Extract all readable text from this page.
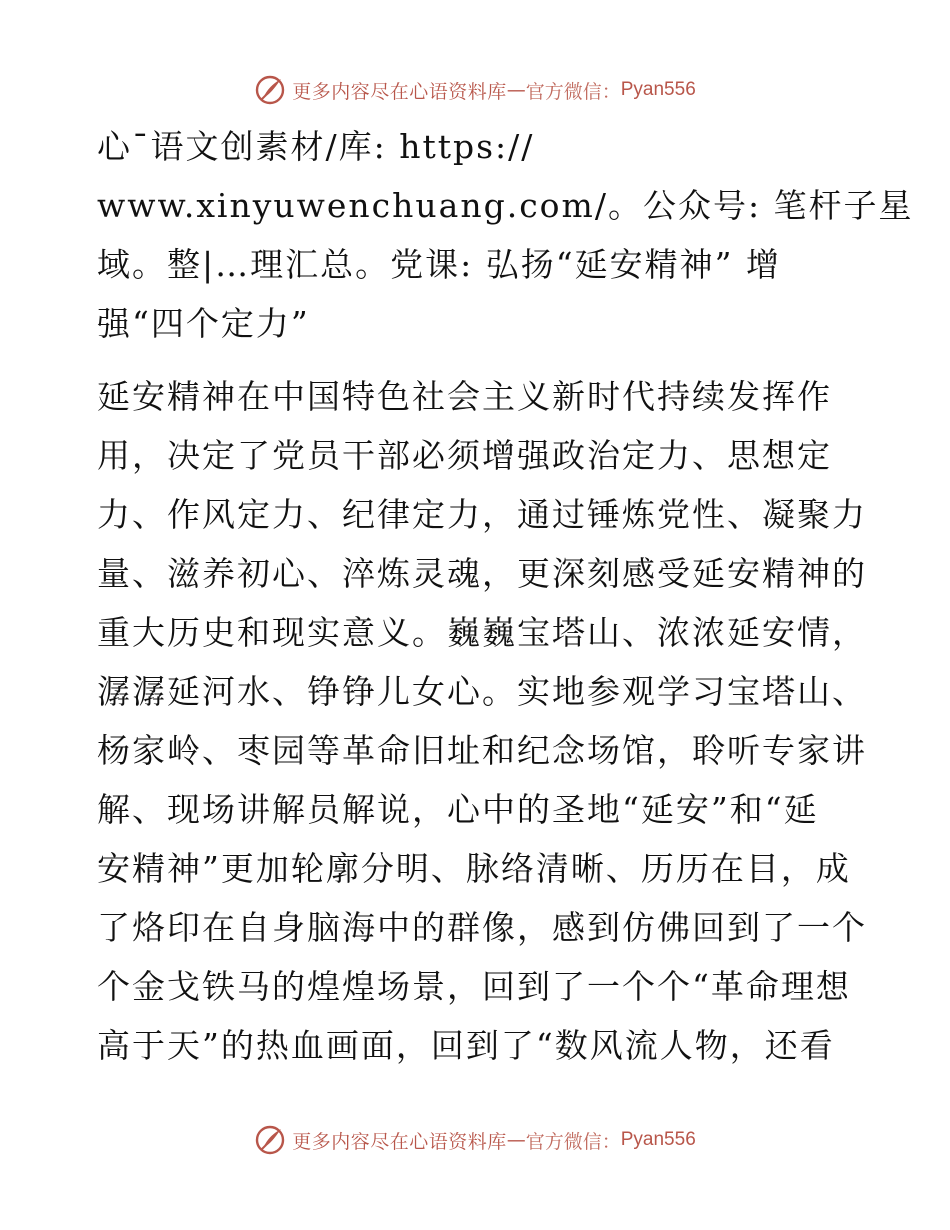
更多内容尽在心语资料库 — 官方微信： Pyan556
心¯语文创素材/库: https://
www.xinyuwenchuang.com/。公众号: 笔杆子星
域。整|…理汇总。党课: 弘扬“延安精神” 增
强“四个定力”
延安精神在中国特色社会主义新时代持续发挥作
用，决定了党员干部必须增强政治定力、思想定
力、作风定力、纪律定力，通过锤炼党性、凝聚力
量、滋养初心、淬炼灵魂，更深刻感受延安精神的
重大历史和现实意义。巍巍宝塔山、浓浓延安情，
潺潺延河水、铮铮儿女心。实地参观学习宝塔山、
杨家岭、枣园等革命旧址和纪念场馆，聆听专家讲
解、现场讲解员解说，心中的圣地“延安”和“延
安精神”更加轮廓分明、脉络清晰、历历在目，成
了烙印在自身脑海中的群像，感到仿佛回到了一个
个金戈铁马的煌煌场景，回到了一个个“革命理想
高于天”的热血画面，回到了“数风流人物，还看
更多内容尽在心语资料库 — 官方微信： Pyan556
